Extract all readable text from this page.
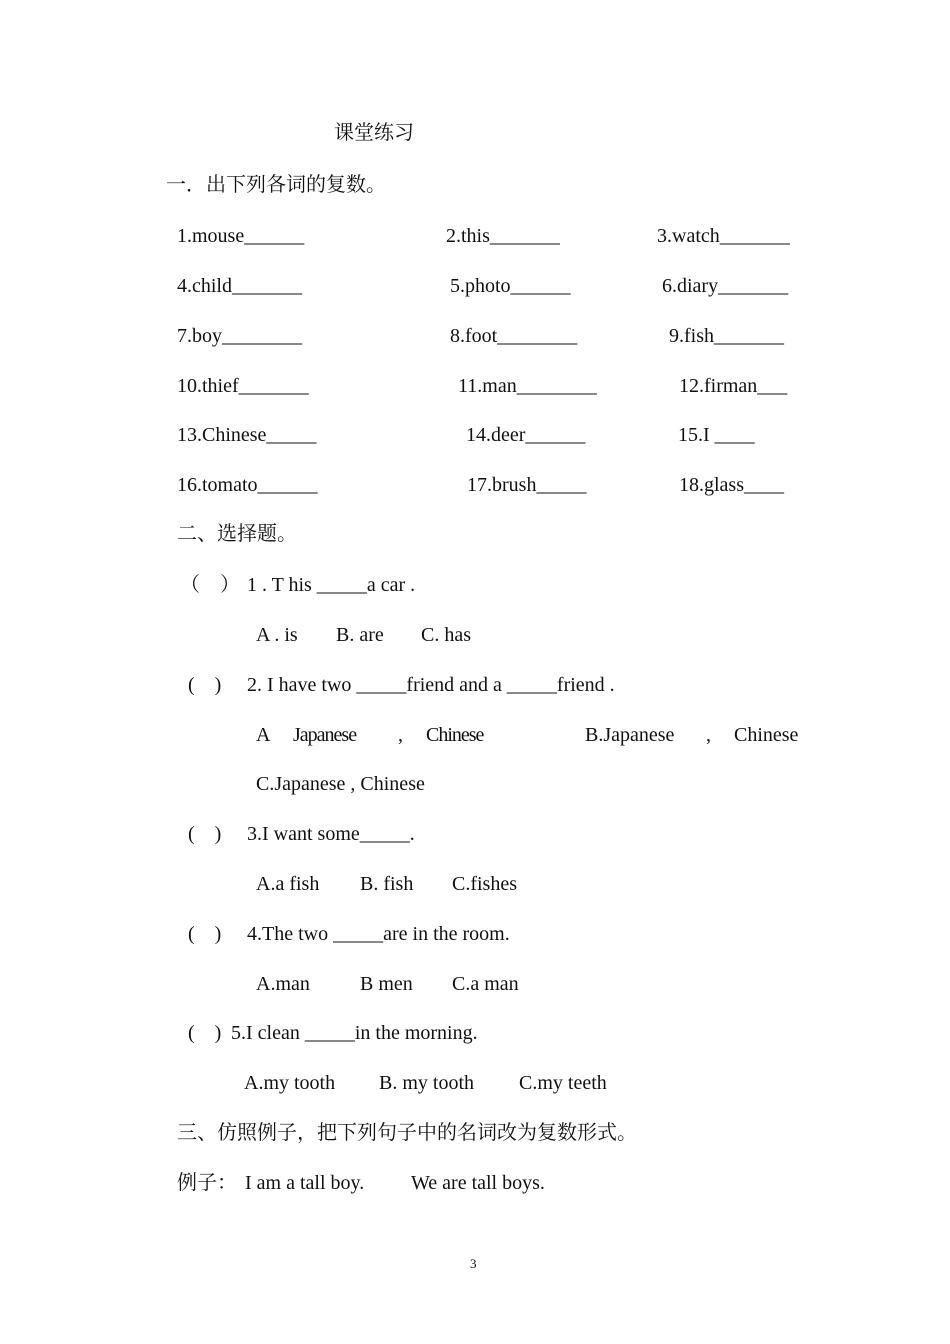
课堂练习
一．出下列各词的复数。
1.mouse______	2.this_______	3.watch_______
4.child_______	5.photo______	6.diary_______
7.boy________	8.foot________	9.fish_______
10.thief_______	11.man________	12.firman___
13.Chinese_____	14.deer______	15.I ____
16.tomato______	17.brush_____	18.glass____
二、选择题。
（    ） 1 . T his _____a car .
A . is B. are C. has
(    ) 2. I have two _____friend and a _____friend .
A Japanese , Chinese	B.Japanese , Chinese
C.Japanese , Chinese
(    ) 3.I want some_____.
A.a fish B. fish C.fishes
(    ) 4.The two _____are in the room.
A.man	B men C.a man
(    ) 5.I clean _____in the morning.
A.my tooth B. my tooth C.my teeth
三、仿照例子，把下列句子中的名词改为复数形式。
例子： I am a tall boy. We are tall boys.
3
